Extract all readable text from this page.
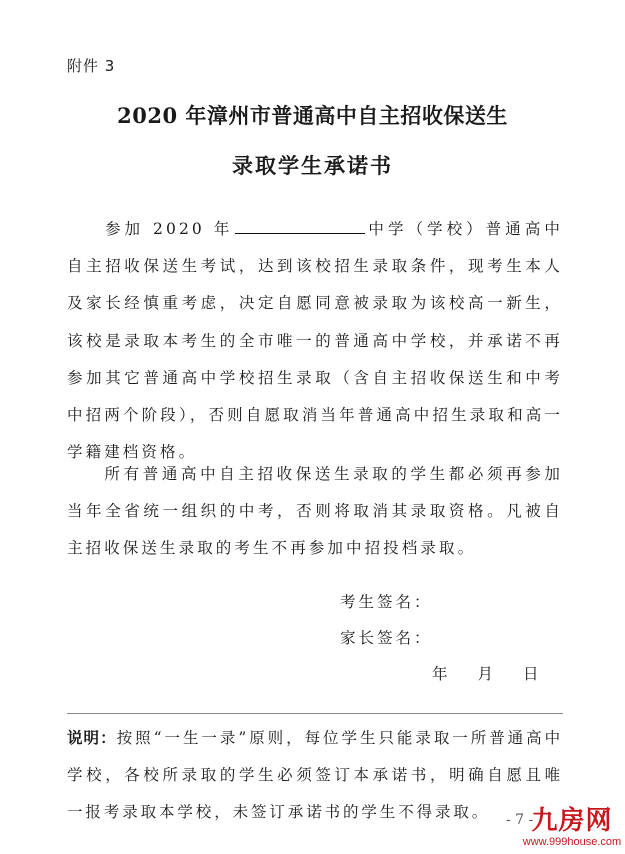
附件 3
2020 年漳州市普通高中自主招收保送生
录取学生承诺书
参加 2020 年	中学（学校）普通高中自主招收保送生考试，达到该校招生录取条件，现考生本人及家长经慎重考虑，决定自愿同意被录取为该校高一新生，该校是录取本考生的全市唯一的普通高中学校，并承诺不再参加其它普通高中学校招生录取（含自主招收保送生和中考中招两个阶段），否则自愿取消当年普通高中招生录取和高一学籍建档资格。
所有普通高中自主招收保送生录取的学生都必须再参加当年全省统一组织的中考，否则将取消其录取资格。凡被自主招收保送生录取的考生不再参加中招投档录取。
考生签名：
家长签名：
年 月 日
说明：按照“一生一录”原则，每位学生只能录取一所普通高中学校，各校所录取的学生必须签订本承诺书，明确自愿且唯一报考录取本学校，未签订承诺书的学生不得录取。	- 7 -
九房网
www.999house.com
